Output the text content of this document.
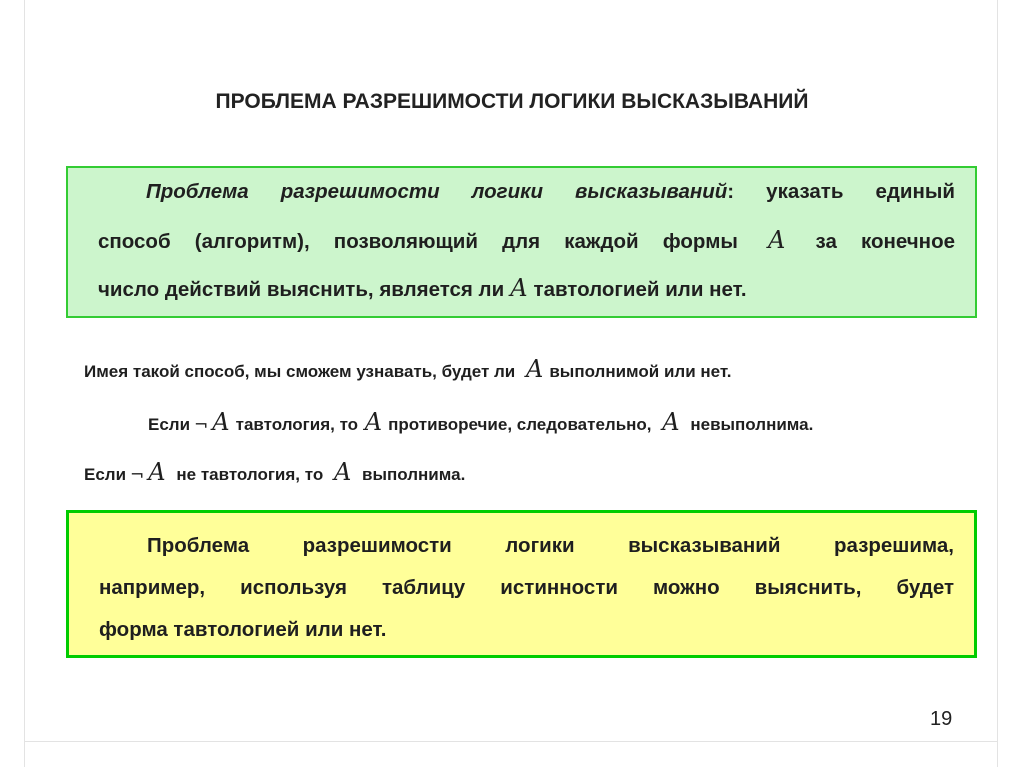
ПРОБЛЕМА РАЗРЕШИМОСТИ ЛОГИКИ ВЫСКАЗЫВАНИЙ

Проблема разрешимости логики высказываний: указать единый

способ (алгоритм), позволяющий для каждой формы A за конечное

число действий выяснить, является ли A тавтологией или нет.

Имея такой способ, мы сможем узнавать, будет ли A выполнимой или нет.
Если ¬ A тавтология, то A противоречие, следовательно, A невыполнима.
Если ¬ A не тавтология, то A выполнима.

Проблема разрешимости логики высказываний разрешима,

например, используя таблицу истинности можно выяснить, будет

форма тавтологией или нет.

19
